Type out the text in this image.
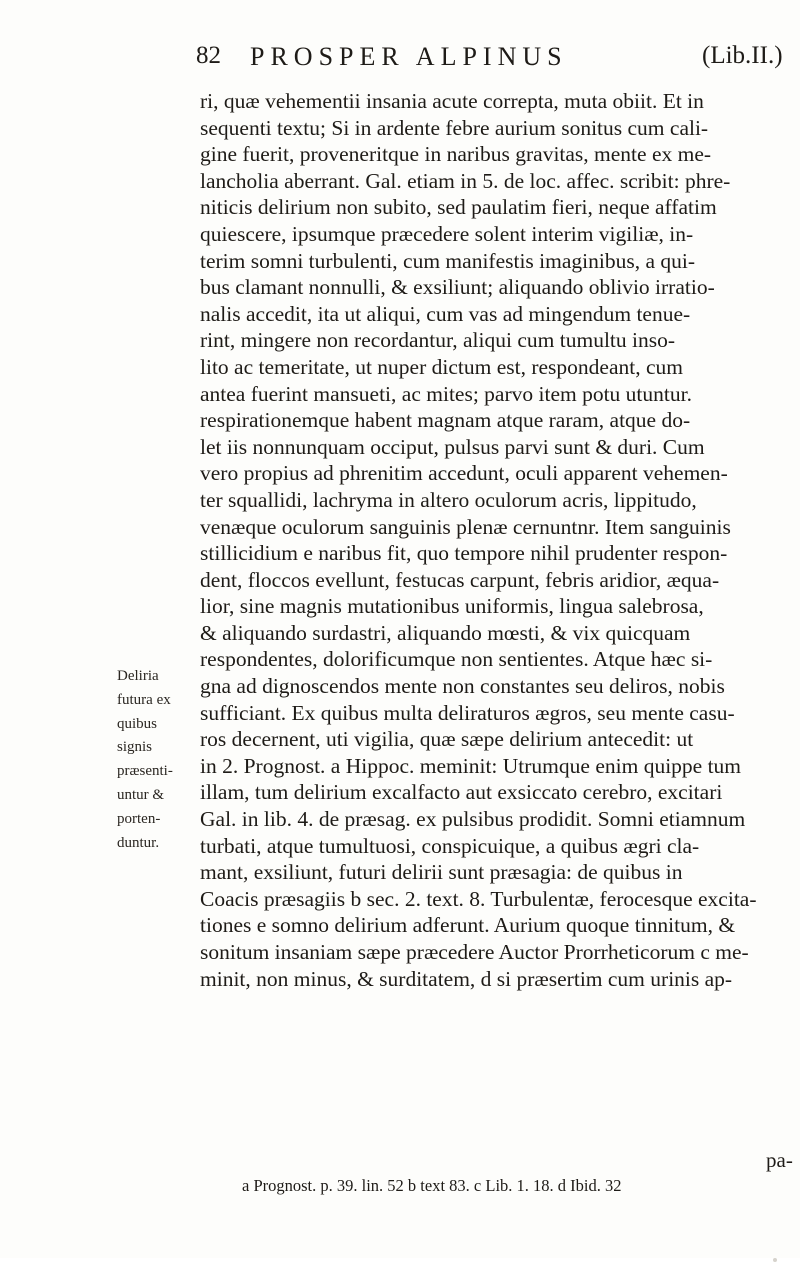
82 PROSPER ALPINUS	(Lib.II.)
ri, quæ vehementii insania acute correpta, muta obiit. Et in
sequenti textu; Si in ardente febre aurium sonitus cum cali-
gine fuerit, proveneritque in naribus gravitas, mente ex me-
lancholia aberrant. Gal. etiam in 5. de loc. affec. scribit: phre-
niticis delirium non subito, sed paulatim fieri, neque affatim
quiescere, ipsumque præcedere solent interim vigiliæ, in-
terim somni turbulenti, cum manifestis imaginibus, a qui-
bus clamant nonnulli, & exsiliunt; aliquando oblivio irratio-
nalis accedit, ita ut aliqui, cum vas ad mingendum tenue-
rint, mingere non recordantur, aliqui cum tumultu inso-
lito ac temeritate, ut nuper dictum est, respondeant, cum
antea fuerint mansueti, ac mites; parvo item potu utuntur.
respirationemque habent magnam atque raram, atque do-
let iis nonnunquam occiput, pulsus parvi sunt & duri. Cum
vero propius ad phrenitim accedunt, oculi apparent vehemen-
ter squallidi, lachryma in altero oculorum acris, lippitudo,
venæque oculorum sanguinis plenæ cernuntnr. Item sanguinis
stillicidium e naribus fit, quo tempore nihil prudenter respon-
dent, floccos evellunt, festucas carpunt, febris aridior, æqua-
lior, sine magnis mutationibus uniformis, lingua salebrosa,
& aliquando surdastri, aliquando mœsti, & vix quicquam
respondentes, dolorificumque non sentientes. Atque hæc si-
gna ad dignoscendos mente non constantes seu deliros, nobis
sufficiant. Ex quibus multa deliraturos ægros, seu mente casu-
ros decernent, uti vigilia, quæ sæpe delirium antecedit: ut
in 2. Prognost. a Hippoc. meminit: Utrumque enim quippe tum
illam, tum delirium excalfacto aut exsiccato cerebro, excitari
Gal. in lib. 4. de præsag. ex pulsibus prodidit. Somni etiamnum
turbati, atque tumultuosi, conspicuique, a quibus ægri cla-
mant, exsiliunt, futuri delirii sunt præsagia: de quibus in
Coacis præsagiis b sec. 2. text. 8. Turbulentæ, ferocesque excita-
tiones e somno delirium adferunt. Aurium quoque tinnitum, &
sonitum insaniam sæpe præcedere Auctor Prorrheticorum c me-
minit, non minus, & surditatem, d si præsertim cum urinis ap-
Deliria
futura ex
quibus
signis
præsenti-
untur &
porten-
duntur.
pa-
a Prognost. p. 39. lin. 52 b text 83. c Lib. 1. 18. d Ibid. 32
